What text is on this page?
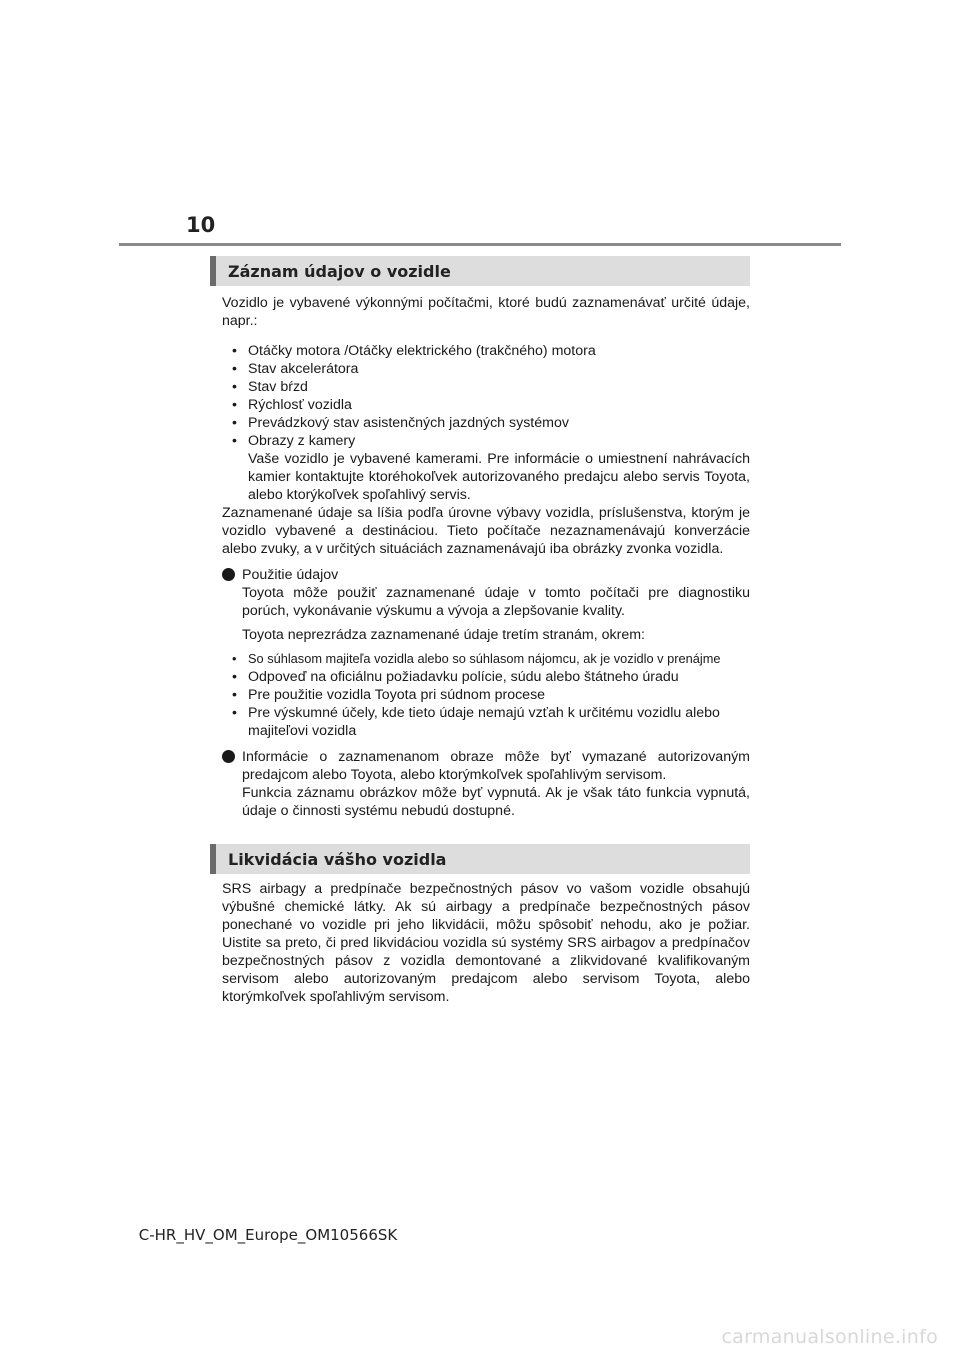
10
Záznam údajov o vozidle

Vozidlo je vybavené výkonnými počítačmi, ktoré budú zaznamenávať určité údaje, napr.:

• Otáčky motora /Otáčky elektrického (trakčného) motora
• Stav akcelerátora
• Stav bŕzd
• Rýchlosť vozidla
• Prevádzkový stav asistenčných jazdných systémov
• Obrazy z kamery
Vaše vozidlo je vybavené kamerami. Pre informácie o umiestnení nahrávacích kamier kontaktujte ktoréhokoľvek autorizovaného predajcu alebo servis Toyota, alebo ktorýkoľvek spoľahlivý servis.

Zaznamenané údaje sa líšia podľa úrovne výbavy vozidla, príslušenstva, ktorým je vozidlo vybavené a destináciou. Tieto počítače nezaznamenávajú konverzácie alebo zvuky, a v určitých situáciách zaznamenávajú iba obrázky zvonka vozidla.

Použitie údajov

Toyota môže použiť zaznamenané údaje v tomto počítači pre diagnostiku porúch, vykonávanie výskumu a vývoja a zlepšovanie kvality.

Toyota neprezrádza zaznamenané údaje tretím stranám, okrem:

• So súhlasom majiteľa vozidla alebo so súhlasom nájomcu, ak je vozidlo v prenájme
• Odpoveď na oficiálnu požiadavku polície, súdu alebo štátneho úradu
• Pre použitie vozidla Toyota pri súdnom procese
• Pre výskumné účely, kde tieto údaje nemajú vzťah k určitému vozidlu alebo majiteľovi vozidla

Informácie o zaznamenanom obraze môže byť vymazané autorizovaným predajcom alebo Toyota, alebo ktorýmkoľvek spoľahlivým servisom.

Funkcia záznamu obrázkov môže byť vypnutá. Ak je však táto funkcia vypnutá, údaje o činnosti systému nebudú dostupné.

Likvidácia vášho vozidla

SRS airbagy a predpínače bezpečnostných pásov vo vašom vozidle obsahujú výbušné chemické látky. Ak sú airbagy a predpínače bezpečnostných pásov ponechané vo vozidle pri jeho likvidácii, môžu spôsobiť nehodu, ako je požiar. Uistite sa preto, či pred likvidáciou vozidla sú systémy SRS airbagov a predpínačov bezpečnostných pásov z vozidla demontované a zlikvidované kvalifikovaným servisom alebo autorizovaným predajcom alebo servisom Toyota, alebo ktorýmkoľvek spoľahlivým servisom.

C-HR_HV_OM_Europe_OM10566SK
carmanualsonline.info
